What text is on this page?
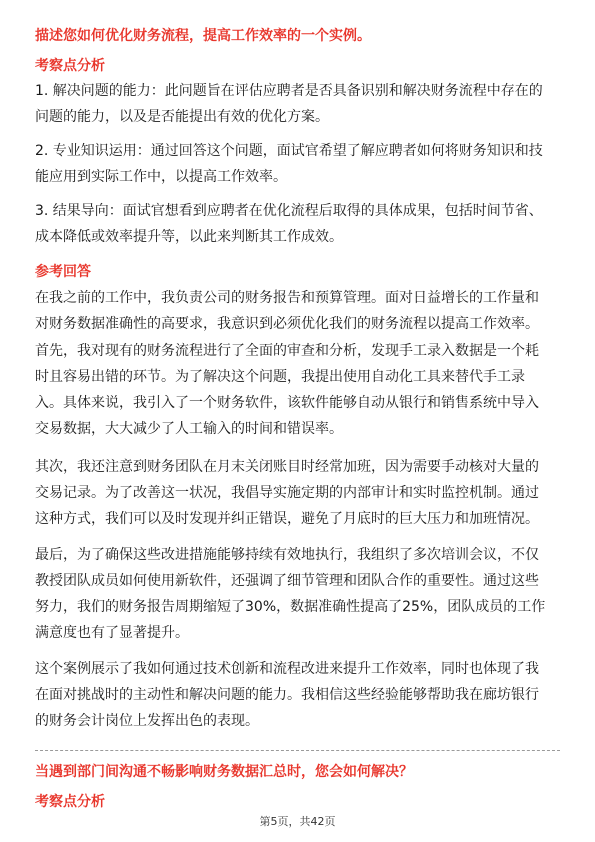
描述您如何优化财务流程，提高工作效率的一个实例。
考察点分析
1. 解决问题的能力：此问题旨在评估应聘者是否具备识别和解决财务流程中存在的
问题的能力，以及是否能提出有效的优化方案。
2. 专业知识运用：通过回答这个问题，面试官希望了解应聘者如何将财务知识和技
能应用到实际工作中，以提高工作效率。
3. 结果导向：面试官想看到应聘者在优化流程后取得的具体成果，包括时间节省、
成本降低或效率提升等，以此来判断其工作成效。
参考回答
在我之前的工作中，我负责公司的财务报告和预算管理。面对日益增长的工作量和
对财务数据准确性的高要求，我意识到必须优化我们的财务流程以提高工作效率。
首先，我对现有的财务流程进行了全面的审查和分析，发现手工录入数据是一个耗
时且容易出错的环节。为了解决这个问题，我提出使用自动化工具来替代手工录
入。具体来说，我引入了一个财务软件，该软件能够自动从银行和销售系统中导入
交易数据，大大减少了人工输入的时间和错误率。
其次，我还注意到财务团队在月末关闭账目时经常加班，因为需要手动核对大量的
交易记录。为了改善这一状况，我倡导实施定期的内部审计和实时监控机制。通过
这种方式，我们可以及时发现并纠正错误，避免了月底时的巨大压力和加班情况。
最后，为了确保这些改进措施能够持续有效地执行，我组织了多次培训会议，不仅
教授团队成员如何使用新软件，还强调了细节管理和团队合作的重要性。通过这些
努力，我们的财务报告周期缩短了30%，数据准确性提高了25%，团队成员的工作
满意度也有了显著提升。
这个案例展示了我如何通过技术创新和流程改进来提升工作效率，同时也体现了我
在面对挑战时的主动性和解决问题的能力。我相信这些经验能够帮助我在廊坊银行
的财务会计岗位上发挥出色的表现。
当遇到部门间沟通不畅影响财务数据汇总时，您会如何解决？
考察点分析
第5页，共42页
